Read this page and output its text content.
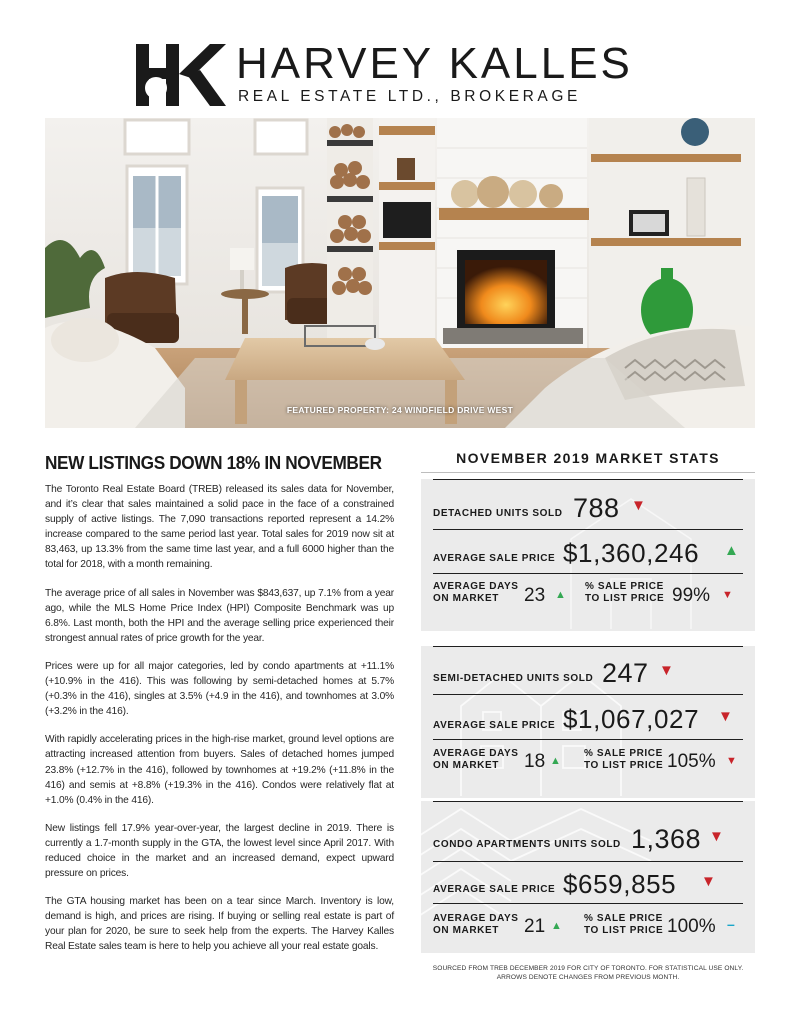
HARVEY KALLES
REAL ESTATE LTD., BROKERAGE
FEATURED PROPERTY: 24 WINDFIELD DRIVE WEST
NEW LISTINGS DOWN 18% IN NOVEMBER

The Toronto Real Estate Board (TREB) released its sales data for November, and it’s clear that sales maintained a solid pace in the face of a constrained supply of active listings. The 7,090 transactions reported represent a 14.2% increase compared to the same period last year. Total sales for 2019 now sit at 83,463, up 13.3% from the same time last year, and a full 6000 higher than the total for 2018, with a month remaining.

The average price of all sales in November was $843,637, up 7.1% from a year ago, while the MLS Home Price Index (HPI) Composite Benchmark was up 6.8%. Last month, both the HPI and the average selling price experienced their strongest annual rates of price growth for the year.

Prices were up for all major categories, led by condo apartments at +11.1% (+10.9% in the 416). This was following by semi-detached homes at 5.7% (+0.3% in the 416), singles at 3.5% (+4.9 in the 416), and townhomes at 3.0% (+3.2% in the 416).

With rapidly accelerating prices in the high-rise market, ground level options are attracting increased attention from buyers. Sales of detached homes jumped 23.8% (+12.7% in the 416), followed by townhomes at +19.2% (+11.8% in the 416) and semis at +8.8% (+19.3% in the 416). Condos were relatively flat at +1.0% (0.4% in the 416).

New listings fell 17.9% year-over-year, the largest decline in 2019. There is currently a 1.7-month supply in the GTA, the lowest level since April 2017. With reduced choice in the market and an increased demand, expect upward pressure on prices.

The GTA housing market has been on a tear since March. Inventory is low, demand is high, and prices are rising. If buying or selling real estate is part of your plan for 2020, be sure to seek help from the experts. The Harvey Kalles Real Estate sales team is here to help you achieve all your real estate goals.

NOVEMBER 2019 MARKET STATS
DETACHED UNITS SOLD 788 ▼
AVERAGE SALE PRICE $1,360,246 ▲
AVERAGE DAYS
ON MARKET 23 ▲
% SALE PRICE
TO LIST PRICE 99% ▼
SEMI-DETACHED UNITS SOLD 247 ▼
AVERAGE SALE PRICE $1,067,027 ▼
AVERAGE DAYS
ON MARKET 18 ▲
% SALE PRICE
TO LIST PRICE 105% ▼
CONDO APARTMENTS UNITS SOLD 1,368 ▼
AVERAGE SALE PRICE $659,855 ▼
AVERAGE DAYS
ON MARKET 21 ▲
% SALE PRICE
TO LIST PRICE 100% –
SOURCED FROM TREB DECEMBER 2019 FOR CITY OF TORONTO. FOR STATISTICAL USE ONLY.
ARROWS DENOTE CHANGES FROM PREVIOUS MONTH.
